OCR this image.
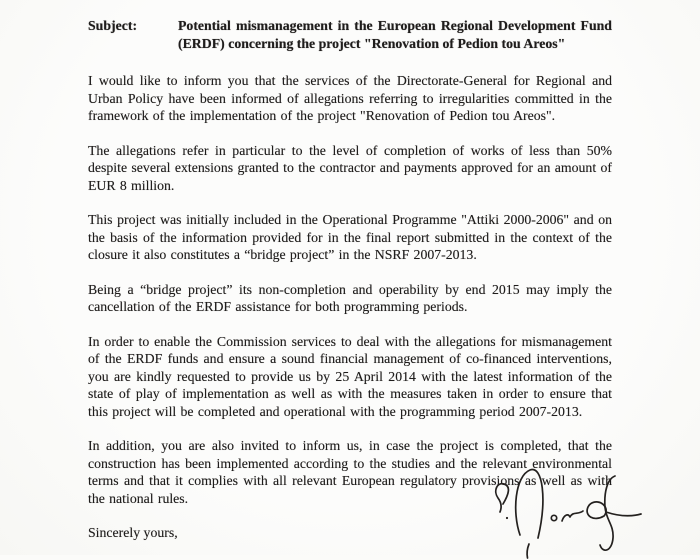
Subject:	Potential mismanagement in the European Regional Development Fund (ERDF) concerning the project "Renovation of Pedion tou Areos"

I would like to inform you that the services of the Directorate-General for Regional and Urban Policy have been informed of allegations referring to irregularities committed in the framework of the implementation of the project "Renovation of Pedion tou Areos".

The allegations refer in particular to the level of completion of works of less than 50% despite several extensions granted to the contractor and payments approved for an amount of EUR 8 million.

This project was initially included in the Operational Programme "Attiki 2000-2006" and on the basis of the information provided for in the final report submitted in the context of the closure it also constitutes a “bridge project” in the NSRF 2007-2013.

Being a “bridge project” its non-completion and operability by end 2015 may imply the cancellation of the ERDF assistance for both programming periods.

In order to enable the Commission services to deal with the allegations for mismanagement of the ERDF funds and ensure a sound financial management of co-financed interventions, you are kindly requested to provide us by 25 April 2014 with the latest information of the state of play of implementation as well as with the measures taken in order to ensure that this project will be completed and operational with the programming period 2007-2013.

In addition, you are also invited to inform us, in case the project is completed, that the construction has been implemented according to the studies and the relevant environmental terms and that it complies with all relevant European regulatory provisions as well as with the national rules.

Sincerely yours,
